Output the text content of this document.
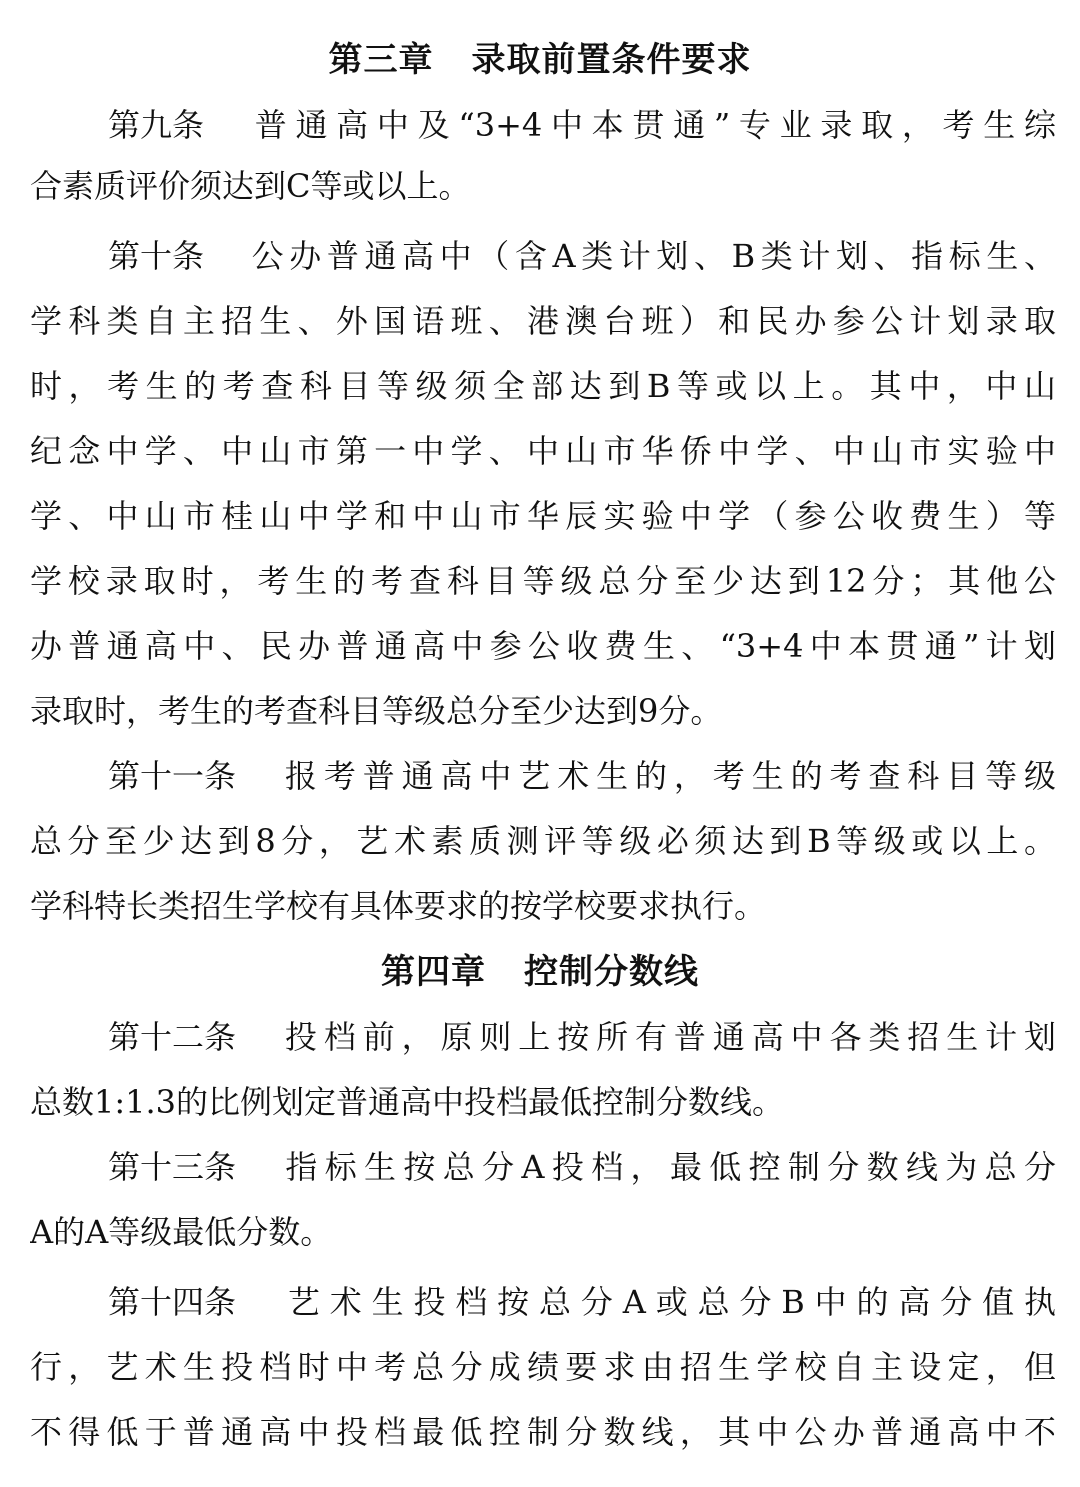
第三章 录取前置条件要求
第九条 普通高中及“3+4中本贯通”专业录取，考生综
合素质评价须达到C等或以上。
第十条 公办普通高中（含A类计划、B类计划、指标生、
学科类自主招生、外国语班、港澳台班）和民办参公计划录取
时，考生的考查科目等级须全部达到B等或以上。其中，中山
纪念中学、中山市第一中学、中山市华侨中学、中山市实验中
学、中山市桂山中学和中山市华辰实验中学（参公收费生）等
学校录取时，考生的考查科目等级总分至少达到12分；其他公
办普通高中、民办普通高中参公收费生、“3+4中本贯通”计划
录取时，考生的考查科目等级总分至少达到9分。
第十一条 报考普通高中艺术生的，考生的考查科目等级
总分至少达到8分，艺术素质测评等级必须达到B等级或以上。
学科特长类招生学校有具体要求的按学校要求执行。
第四章 控制分数线
第十二条 投档前，原则上按所有普通高中各类招生计划
总数1:1.3的比例划定普通高中投档最低控制分数线。
第十三条 指标生按总分A投档，最低控制分数线为总分
A的A等级最低分数。
第十四条 艺术生投档按总分A或总分B中的高分值执
行，艺术生投档时中考总分成绩要求由招生学校自主设定，但
不得低于普通高中投档最低控制分数线，其中公办普通高中不
